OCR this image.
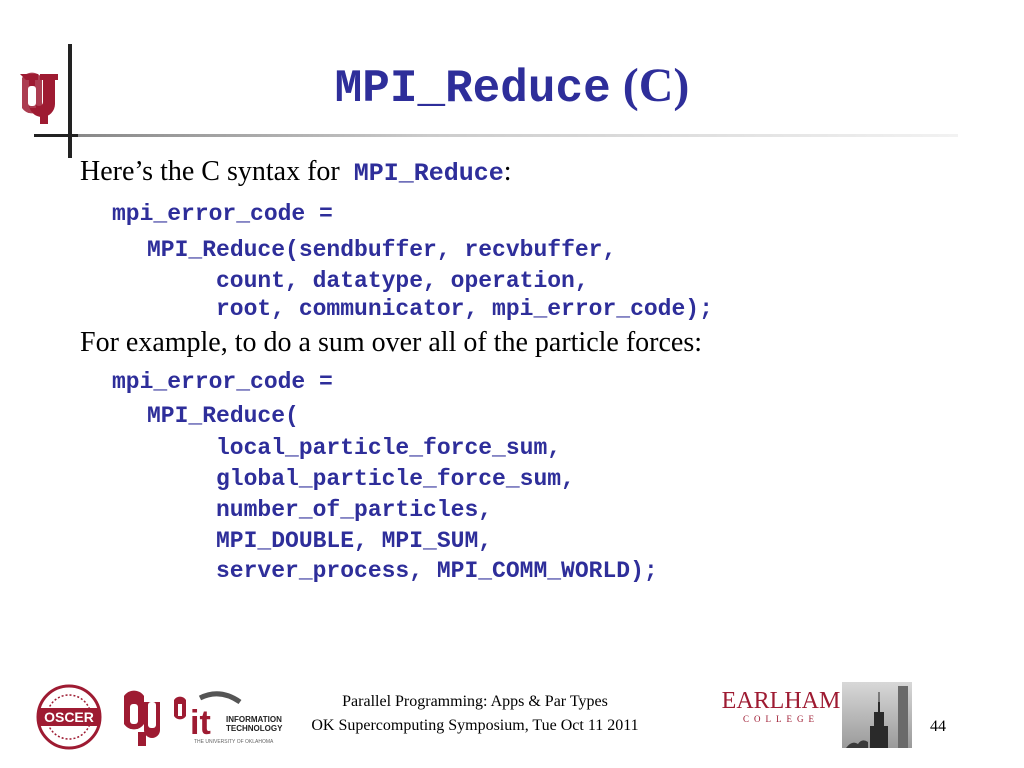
MPI_Reduce (C)
Here’s the C syntax for  MPI_Reduce:
mpi_error_code =
MPI_Reduce(sendbuffer, recvbuffer,
count, datatype, operation,
root, communicator, mpi_error_code);
For example, to do a sum over all of the particle forces:
mpi_error_code =
MPI_Reduce(
local_particle_force_sum,
global_particle_force_sum,
number_of_particles,
MPI_DOUBLE, MPI_SUM,
server_process, MPI_COMM_WORLD);
OSCER	it INFORMATION
TECHNOLOGY
THE UNIVERSITY OF OKLAHOMA
Parallel Programming: Apps & Par Types
OK Supercomputing Symposium, Tue Oct 11 2011
EARLHAM
COLLEGE	44
